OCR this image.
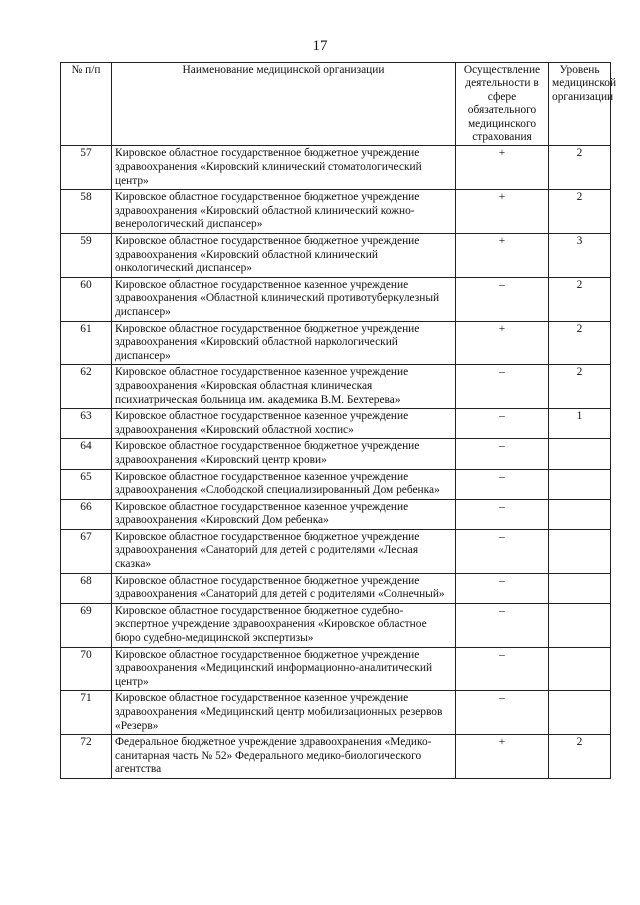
17
№ п/п	Наименование медицинской организации	Осуществление деятельности в сфере обязательного медицинского страхования	Уровень медицинской организации
57	Кировское областное государственное бюджетное учреждение здравоохранения «Кировский клинический стоматологический центр»	+	2
58	Кировское областное государственное бюджетное учреждение здравоохранения «Кировский областной клинический кожно-венерологический диспансер»	+	2
59	Кировское областное государственное бюджетное учреждение здравоохранения «Кировский областной клинический онкологический диспансер»	+	3
60	Кировское областное государственное казенное учреждение здравоохранения «Областной клинический противотуберкулезный диспансер»	–	2
61	Кировское областное государственное бюджетное учреждение здравоохранения «Кировский областной наркологический диспансер»	+	2
62	Кировское областное государственное казенное учреждение здравоохранения «Кировская областная клиническая психиатрическая больница им. академика В.М. Бехтерева»	–	2
63	Кировское областное государственное казенное учреждение здравоохранения «Кировский областной хоспис»	–	1
64	Кировское областное государственное бюджетное учреждение здравоохранения «Кировский центр крови»	–	
65	Кировское областное государственное казенное учреждение здравоохранения «Слободской специализированный Дом ребенка»	–	
66	Кировское областное государственное казенное учреждение здравоохранения «Кировский Дом ребенка»	–	
67	Кировское областное государственное бюджетное учреждение здравоохранения «Санаторий для детей с родителями «Лесная сказка»	–	
68	Кировское областное государственное бюджетное учреждение здравоохранения «Санаторий для детей с родителями «Солнечный»	–	
69	Кировское областное государственное бюджетное судебно-экспертное учреждение здравоохранения «Кировское областное бюро судебно-медицинской экспертизы»	–	
70	Кировское областное государственное бюджетное учреждение здравоохранения «Медицинский информационно-аналитический центр»	–	
71	Кировское областное государственное казенное учреждение здравоохранения «Медицинский центр мобилизационных резервов «Резерв»	–	
72	Федеральное бюджетное учреждение здравоохранения «Медико-санитарная часть № 52» Федерального медико-биологического агентства	+	2
